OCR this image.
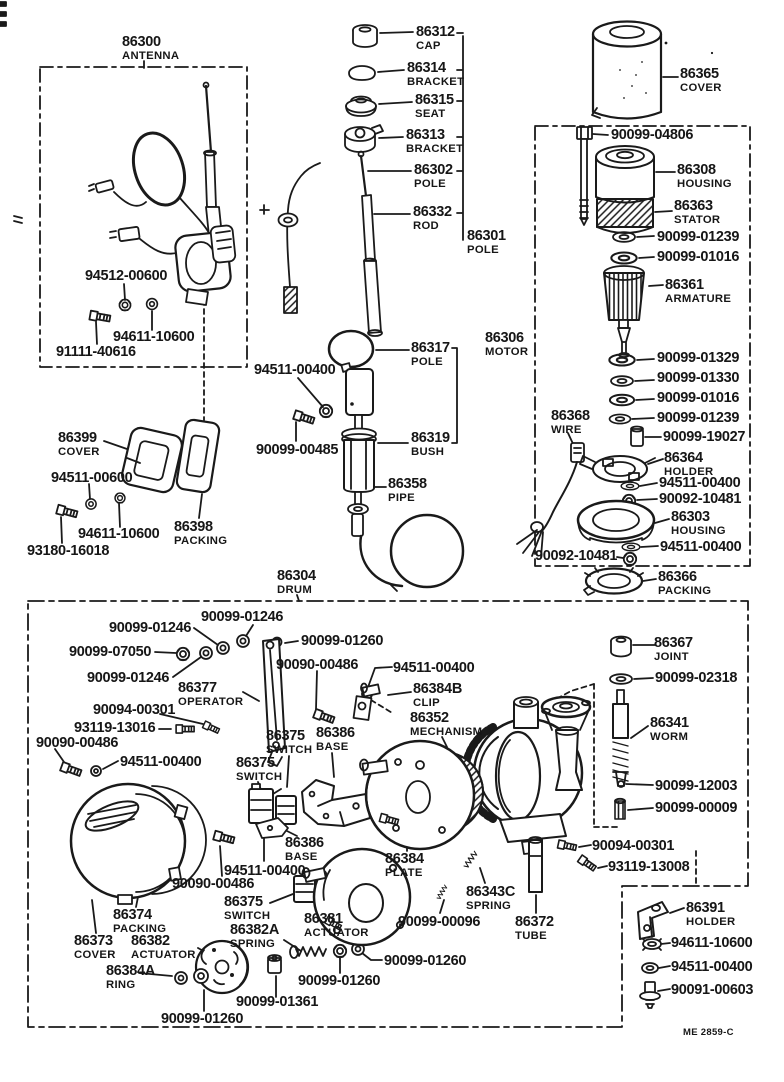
86300
ANTENNA
94512-00600
94611-10600
91111-40616
86399
COVER
94511-00600
94611-10600
93180-16018
86398
PACKING
86312
CAP
86314
BRACKET
86315
SEAT
86313
BRACKET
86302
POLE
86332
ROD
86301
POLE
94511-00400
90099-00485
86317
POLE
86319
BUSH
86358
PIPE
86304
DRUM
86306
MOTOR
86365
COVER
90099-04806
86308
HOUSING
86363
STATOR
90099-01239
90099-01016
86361
ARMATURE
90099-01329
90099-01330
90099-01016
90099-01239
90099-19027
86368
WIRE
86364
HOLDER
94511-00400
90092-10481
86303
HOUSING
94511-00400
90092-10481
86366
PACKING
90099-01246
90099-01246
90099-01260
90099-07050
90090-00486
90099-01246
94511-00400
86377
OPERATOR
86384B
CLIP
86352
MECHANISM
90094-00301
93119-13016
90090-00486
94511-00400
86375
SWITCH
86386
BASE
86375
SWITCH
86367
JOINT
90099-02318
86341
WORM
90099-12003
90099-00009
86386
BASE
94511-00400
90090-00486
86375
SWITCH 86381
ACTUATOR
86384
PLATE
86343C
SPRING
90099-00096 86372
TUBE
90094-00301
93119-13008
86391
HOLDER
94611-10600
94511-00400
90091-00603
86374
PACKING
86373
COVER
86382
ACTUATOR
86382A
SPRING
86384A
RING
90099-01260
90099-01260
90099-01361
90099-01260
ME 2859-C
